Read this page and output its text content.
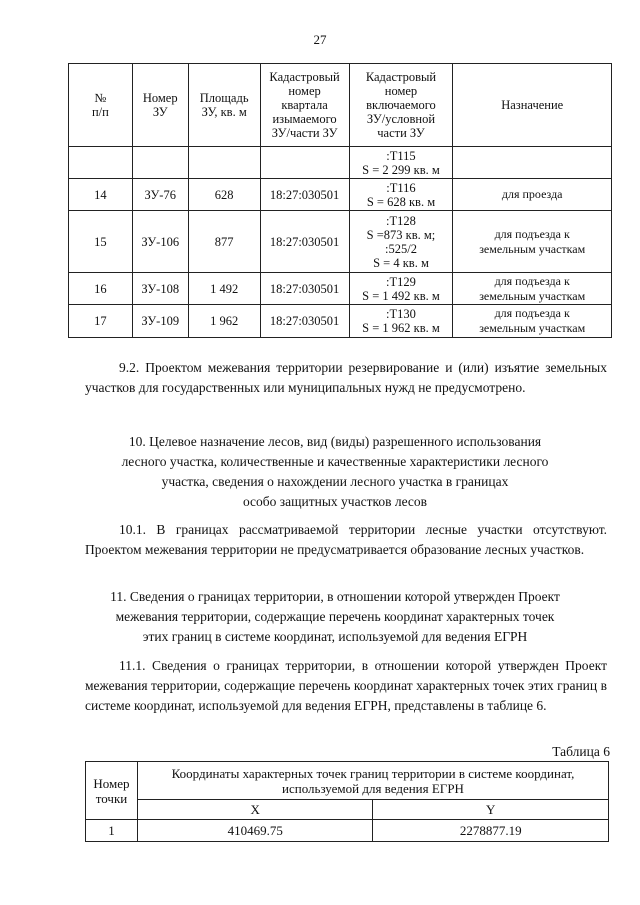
27
№
п/п	Номер
ЗУ	Площадь
ЗУ, кв. м	Кадастровый
номер
квартала
изымаемого
ЗУ/части ЗУ	Кадастровый
номер
включаемого
ЗУ/условной
части ЗУ	Назначение
				:Т115
S = 2 299 кв. м	
14	ЗУ-76	628	18:27:030501	:Т116
S = 628 кв. м	для проезда
15	ЗУ-106	877	18:27:030501	:Т128
S =873 кв. м;
:525/2
S = 4 кв. м	для подъезда к
земельным участкам
16	ЗУ-108	1 492	18:27:030501	:Т129
S = 1 492 кв. м	для подъезда к
земельным участкам
17	ЗУ-109	1 962	18:27:030501	:Т130
S = 1 962 кв. м	для подъезда к
земельным участкам
9.2. Проектом межевания территории резервирование и (или) изъятие земельных участков для государственных или муниципальных нужд не предусмотрено.
10. Целевое назначение лесов, вид (виды) разрешенного использования
лесного участка, количественные и качественные характеристики лесного
участка, сведения о нахождении лесного участка в границах
особо защитных участков лесов
10.1. В границах рассматриваемой территории лесные участки отсутствуют. Проектом межевания территории не предусматривается образование лесных участков.
11. Сведения о границах территории, в отношении которой утвержден Проект
межевания территории, содержащие перечень координат характерных точек
этих границ в системе координат, используемой для ведения ЕГРН
11.1. Сведения о границах территории, в отношении которой утвержден Проект межевания территории, содержащие перечень координат характерных точек этих границ в системе координат, используемой для ведения ЕГРН, представлены в таблице 6.
Таблица 6
Номер
точки	Координаты характерных точек границ территории в системе координат,
используемой для ведения ЕГРН	
	X	Y
1	410469.75	2278877.19
